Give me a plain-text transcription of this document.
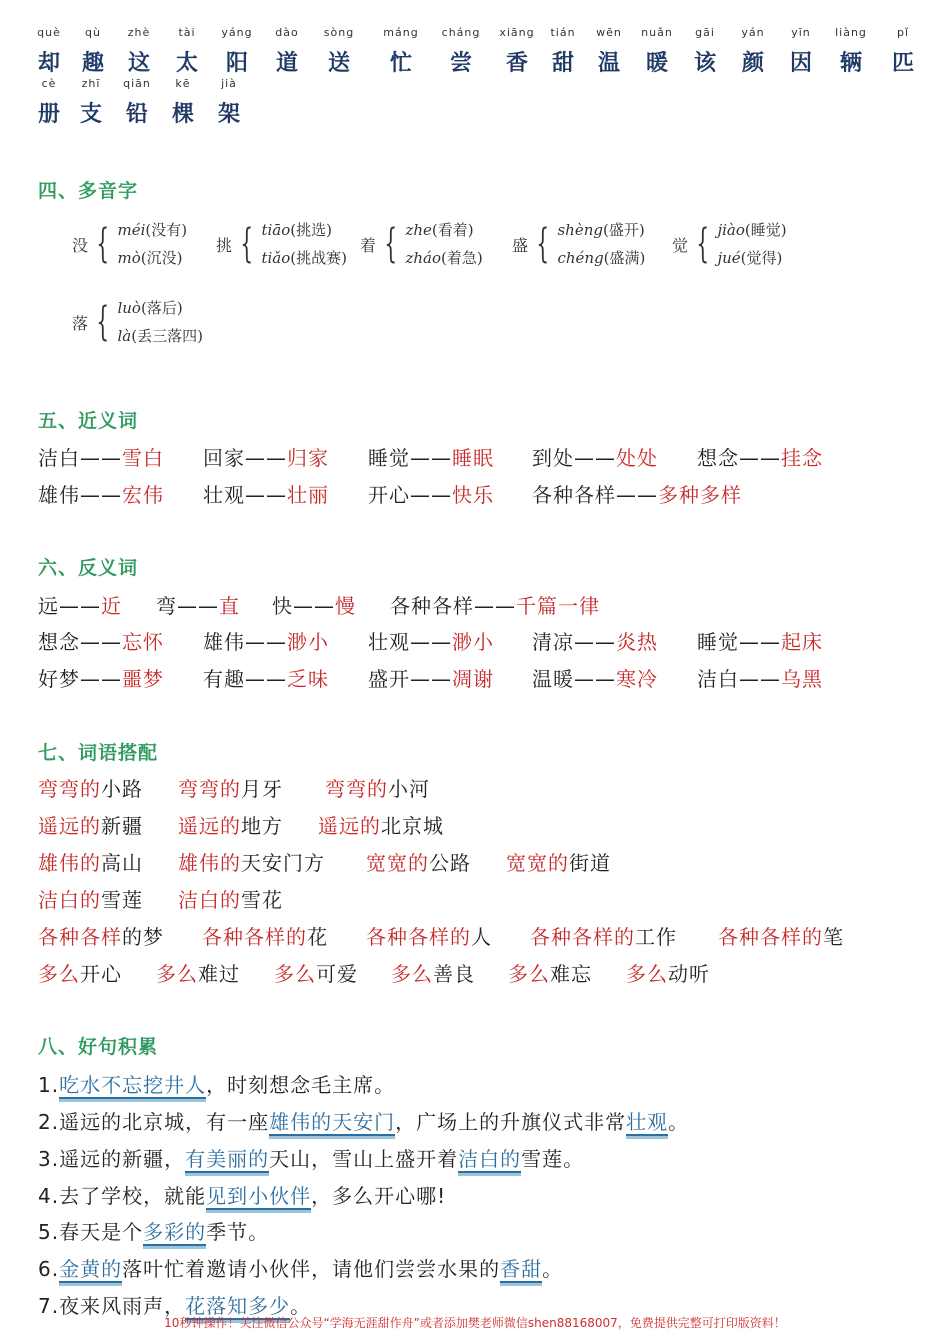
què
却
qù
趣
zhè
这
tài
太
yáng
阳
dào
道
sòng
送
máng
忙
cháng
尝
xiāng
香
tián
甜
wēn
温
nuǎn
暖
gāi
该
yán
颜
yīn
因
liàng
辆
pǐ
匹
cè
册
zhī
支
qiān
铅
kē
棵
jià
架
四、多音字
没 { méi(没有)
mò(沉没)
挑 { tiāo(挑选)
tiǎo(挑战赛)
着 { zhe(看着)
zháo(着急)
盛 { shèng(盛开)
chéng(盛满)
觉 { jiào(睡觉)
jué(觉得)
落 { luò(落后)
là(丢三落四)
五、近义词
洁白——雪白 回家——归家 睡觉——睡眠 到处——处处 想念——挂念
雄伟——宏伟 壮观——壮丽 开心——快乐 各种各样——多种多样
六、反义词
远——近 弯——直 快——慢 各种各样——千篇一律
想念——忘怀 雄伟——渺小 壮观——渺小 清凉——炎热 睡觉——起床
好梦——噩梦 有趣——乏味 盛开——凋谢 温暖——寒冷 洁白——乌黑
七、词语搭配
弯弯的小路 弯弯的月牙 弯弯的小河
遥远的新疆 遥远的地方 遥远的北京城
雄伟的高山 雄伟的天安门方 宽宽的公路 宽宽的街道
洁白的雪莲 洁白的雪花
各种各样的梦 各种各样的花 各种各样的人 各种各样的工作 各种各样的笔
多么开心 多么难过 多么可爱 多么善良 多么难忘 多么动听
八、好句积累
1.吃水不忘挖井人，时刻想念毛主席。
2.遥远的北京城，有一座雄伟的天安门，广场上的升旗仪式非常壮观。
3.遥远的新疆，有美丽的天山，雪山上盛开着洁白的雪莲。
4.去了学校，就能见到小伙伴，多么开心哪!
5.春天是个多彩的季节。
6.金黄的落叶忙着邀请小伙伴，请他们尝尝水果的香甜。
7.夜来风雨声，花落知多少。
10秒钟操作！关注微信公众号“学海无涯甜作舟”或者添加樊老师微信shen88168007，免费提供完整可打印版资料！
